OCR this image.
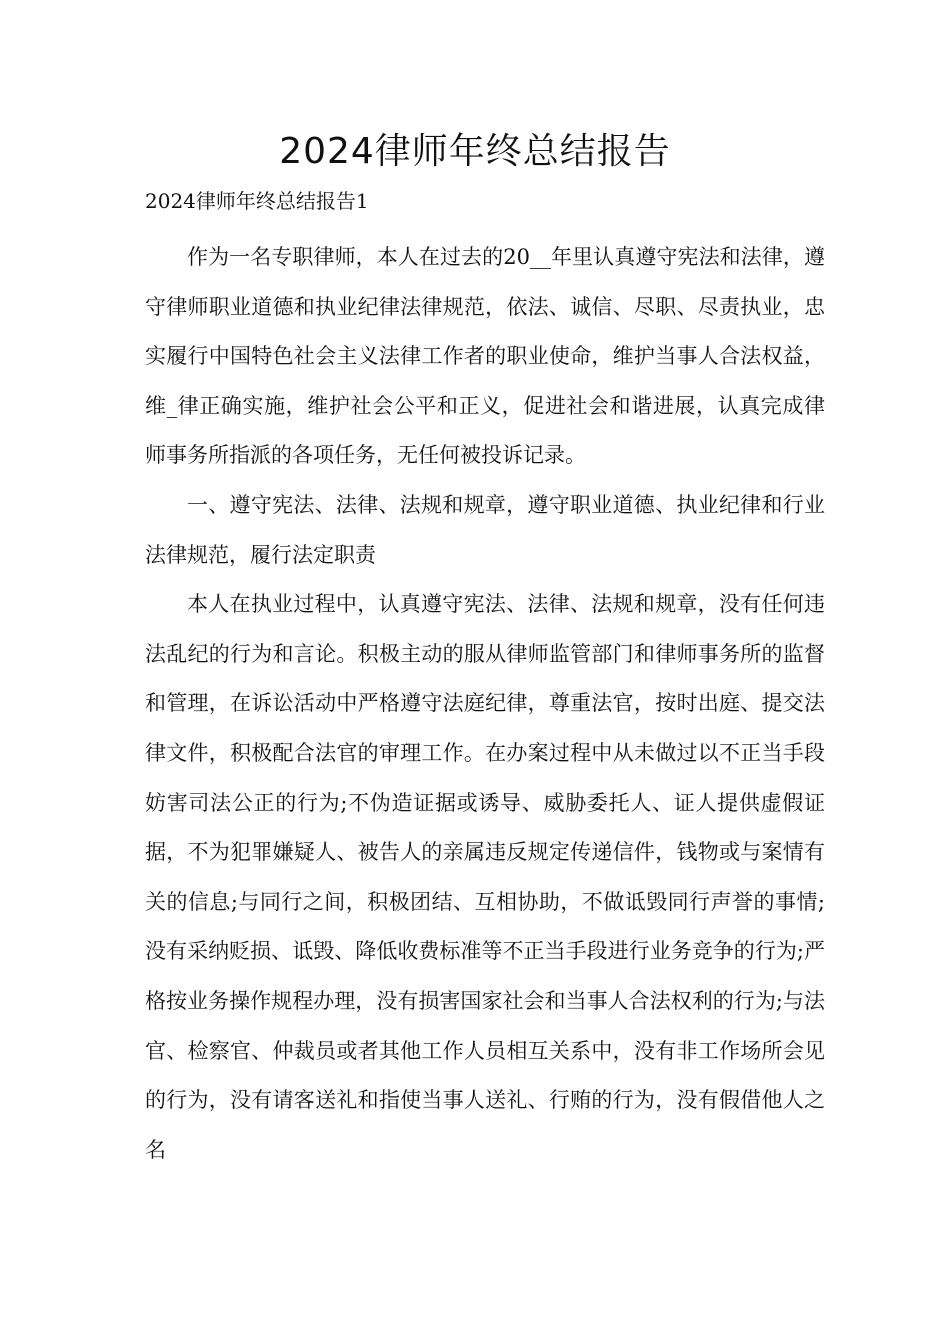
2024律师年终总结报告
2024律师年终总结报告1

作为一名专职律师，本人在过去的20__年里认真遵守宪法和法律，遵守律师职业道德和执业纪律法律规范，依法、诚信、尽职、尽责执业，忠实履行中国特色社会主义法律工作者的职业使命，维护当事人合法权益，维_律正确实施，维护社会公平和正义，促进社会和谐进展，认真完成律师事务所指派的各项任务，无任何被投诉记录。

一、遵守宪法、法律、法规和规章，遵守职业道德、执业纪律和行业法律规范，履行法定职责

本人在执业过程中，认真遵守宪法、法律、法规和规章，没有任何违法乱纪的行为和言论。积极主动的服从律师监管部门和律师事务所的监督和管理，在诉讼活动中严格遵守法庭纪律，尊重法官，按时出庭、提交法律文件，积极配合法官的审理工作。在办案过程中从未做过以不正当手段妨害司法公正的行为;不伪造证据或诱导、威胁委托人、证人提供虚假证据，不为犯罪嫌疑人、被告人的亲属违反规定传递信件，钱物或与案情有关的信息;与同行之间，积极团结、互相协助，不做诋毁同行声誉的事情;没有采纳贬损、诋毁、降低收费标准等不正当手段进行业务竞争的行为;严格按业务操作规程办理，没有损害国家社会和当事人合法权利的行为;与法官、检察官、仲裁员或者其他工作人员相互关系中，没有非工作场所会见的行为，没有请客送礼和指使当事人送礼、行贿的行为，没有假借他人之名
